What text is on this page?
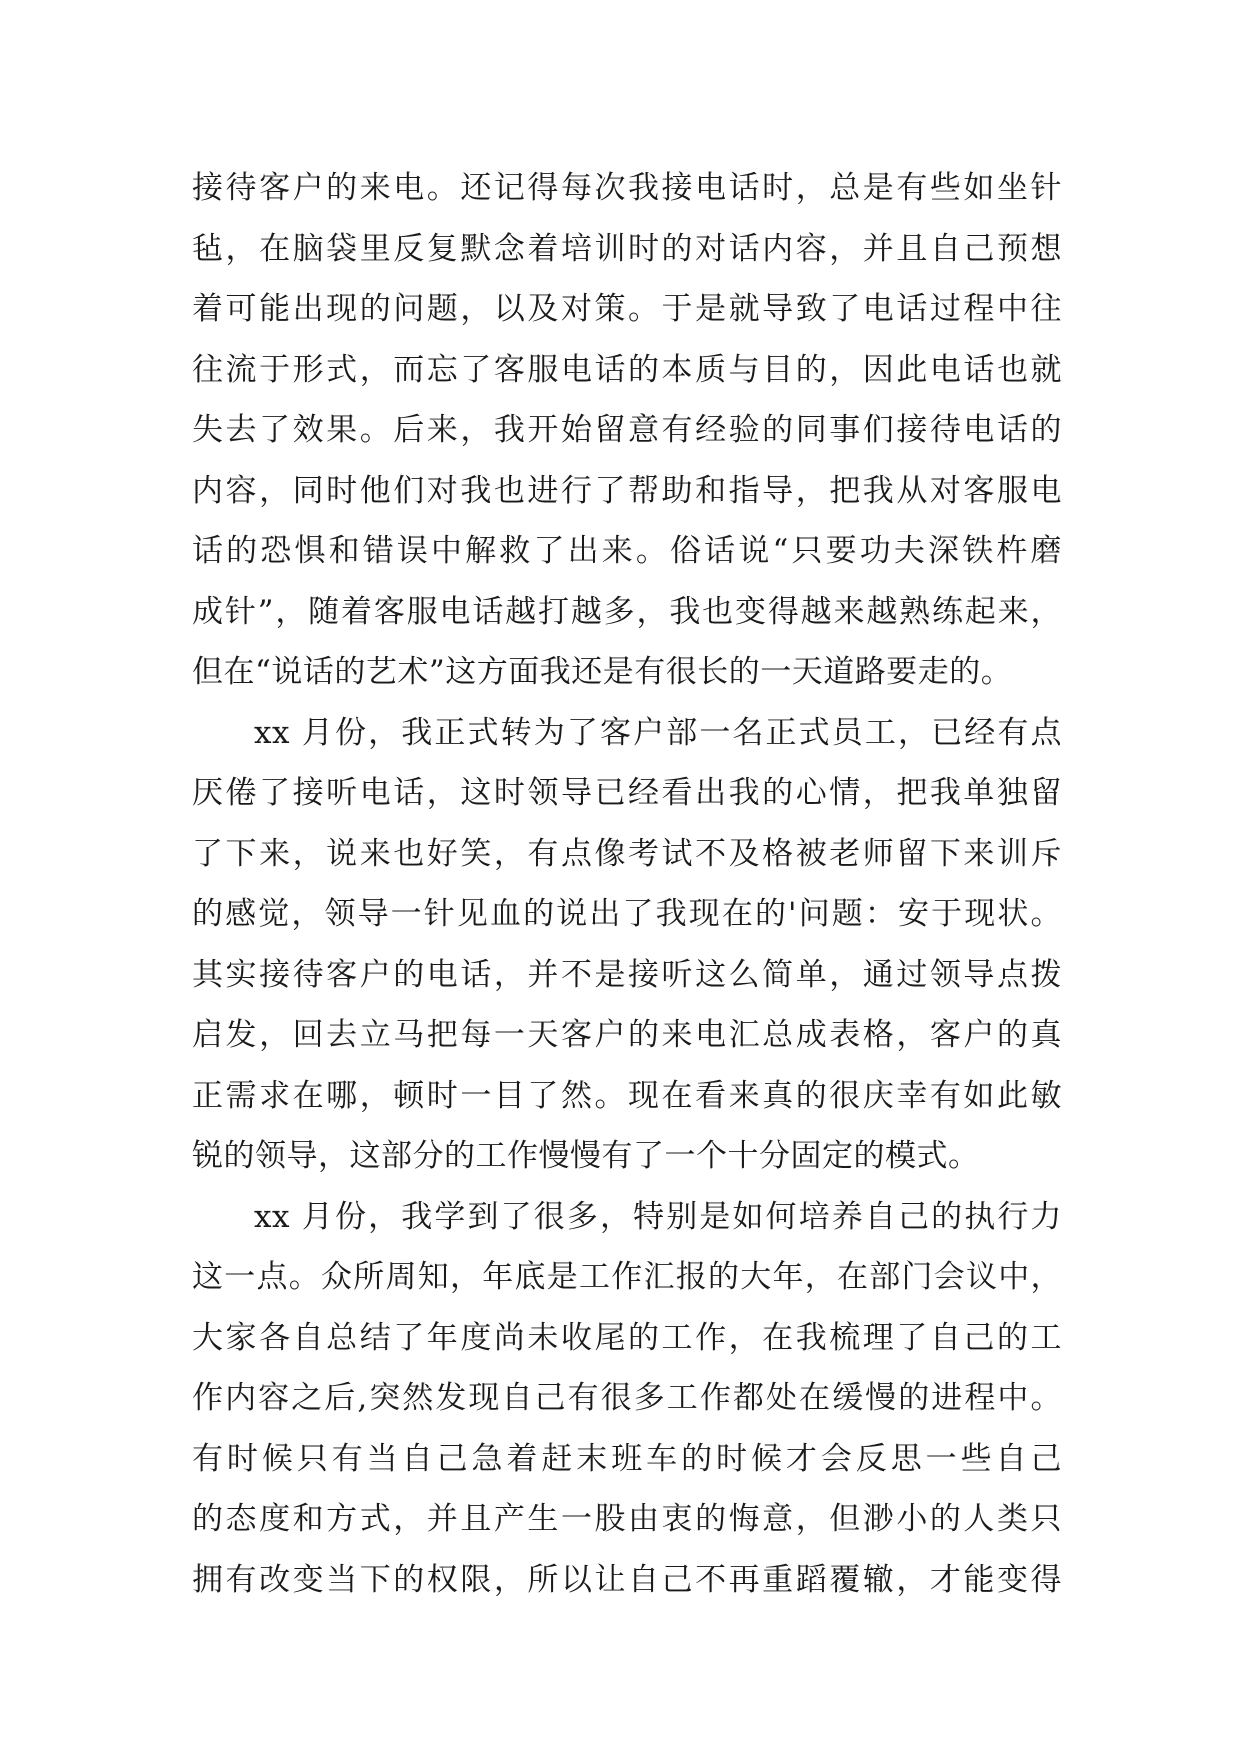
接待客户的来电。还记得每次我接电话时，总是有些如坐针
毡，在脑袋里反复默念着培训时的对话内容，并且自己预想
着可能出现的问题，以及对策。于是就导致了电话过程中往
往流于形式，而忘了客服电话的本质与目的，因此电话也就
失去了效果。后来，我开始留意有经验的同事们接待电话的
内容，同时他们对我也进行了帮助和指导，把我从对客服电
话的恐惧和错误中解救了出来。俗话说“只要功夫深铁杵磨
成针”，随着客服电话越打越多，我也变得越来越熟练起来，
但在“说话的艺术”这方面我还是有很长的一天道路要走的。
xx 月份，我正式转为了客户部一名正式员工，已经有点
厌倦了接听电话，这时领导已经看出我的心情，把我单独留
了下来，说来也好笑，有点像考试不及格被老师留下来训斥
的感觉，领导一针见血的说出了我现在的'问题：安于现状。
其实接待客户的电话，并不是接听这么简单，通过领导点拨
启发，回去立马把每一天客户的来电汇总成表格，客户的真
正需求在哪，顿时一目了然。现在看来真的很庆幸有如此敏
锐的领导，这部分的工作慢慢有了一个十分固定的模式。
xx 月份，我学到了很多，特别是如何培养自己的执行力
这一点。众所周知，年底是工作汇报的大年，在部门会议中，
大家各自总结了年度尚未收尾的工作，在我梳理了自己的工
作内容之后,突然发现自己有很多工作都处在缓慢的进程中。
有时候只有当自己急着赶末班车的时候才会反思一些自己
的态度和方式，并且产生一股由衷的悔意，但渺小的人类只
拥有改变当下的权限，所以让自己不再重蹈覆辙，才能变得
